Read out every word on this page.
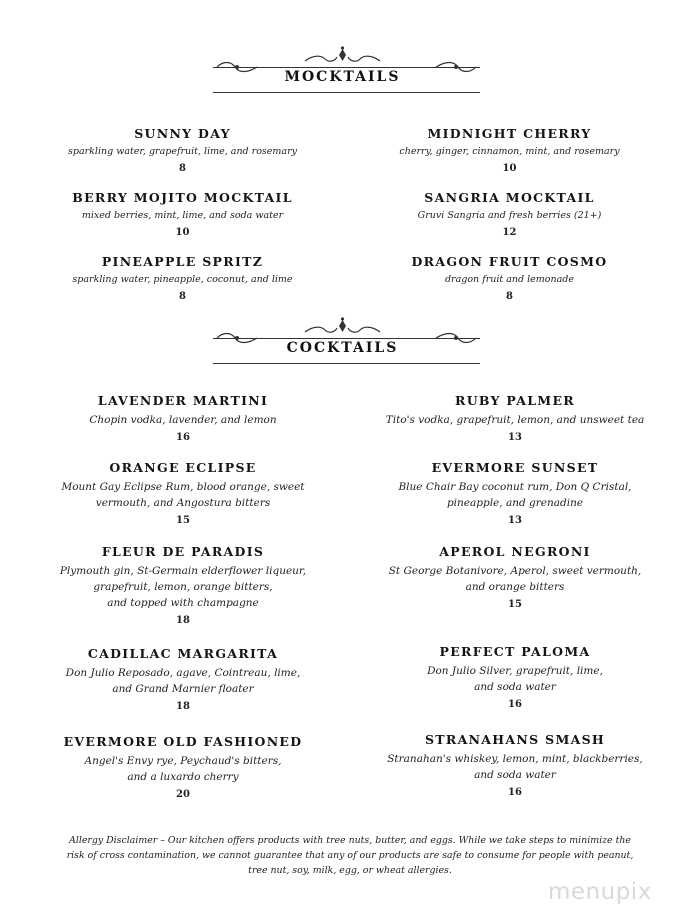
MOCKTAILS
SUNNY DAY
sparkling water, grapefruit, lime, and rosemary
8
BERRY MOJITO MOCKTAIL
mixed berries, mint, lime, and soda water
10
PINEAPPLE SPRITZ
sparkling water, pineapple, coconut, and lime
8
MIDNIGHT CHERRY
cherry, ginger, cinnamon, mint, and rosemary
10
SANGRIA MOCKTAIL
Gruvi Sangria and fresh berries (21+)
12
DRAGON FRUIT COSMO
dragon fruit and lemonade
8
COCKTAILS
LAVENDER MARTINI
Chopin vodka, lavender, and lemon
16
ORANGE ECLIPSE
Mount Gay Eclipse Rum, blood orange, sweet
vermouth, and Angostura bitters
15
FLEUR DE PARADIS
Plymouth gin, St-Germain elderflower liqueur,
grapefruit, lemon, orange bitters,
and topped with champagne
18
CADILLAC MARGARITA
Don Julio Reposado, agave, Cointreau, lime,
and Grand Marnier floater
18
EVERMORE OLD FASHIONED
Angel's Envy rye, Peychaud's bitters,
and a luxardo cherry
20
RUBY PALMER
Tito's vodka, grapefruit, lemon, and unsweet tea
13
EVERMORE SUNSET
Blue Chair Bay coconut rum, Don Q Cristal,
pineapple, and grenadine
13
APEROL NEGRONI
St George Botanivore, Aperol, sweet vermouth,
and orange bitters
15
PERFECT PALOMA
Don Julio Silver, grapefruit, lime,
and soda water
16
STRANAHANS SMASH
Stranahan's whiskey, lemon, mint, blackberries,
and soda water
16
Allergy Disclaimer – Our kitchen offers products with tree nuts, butter, and eggs. While we take steps to minimize the
risk of cross contamination, we cannot guarantee that any of our products are safe to consume for people with peanut,
tree nut, soy, milk, egg, or wheat allergies.
menupix
